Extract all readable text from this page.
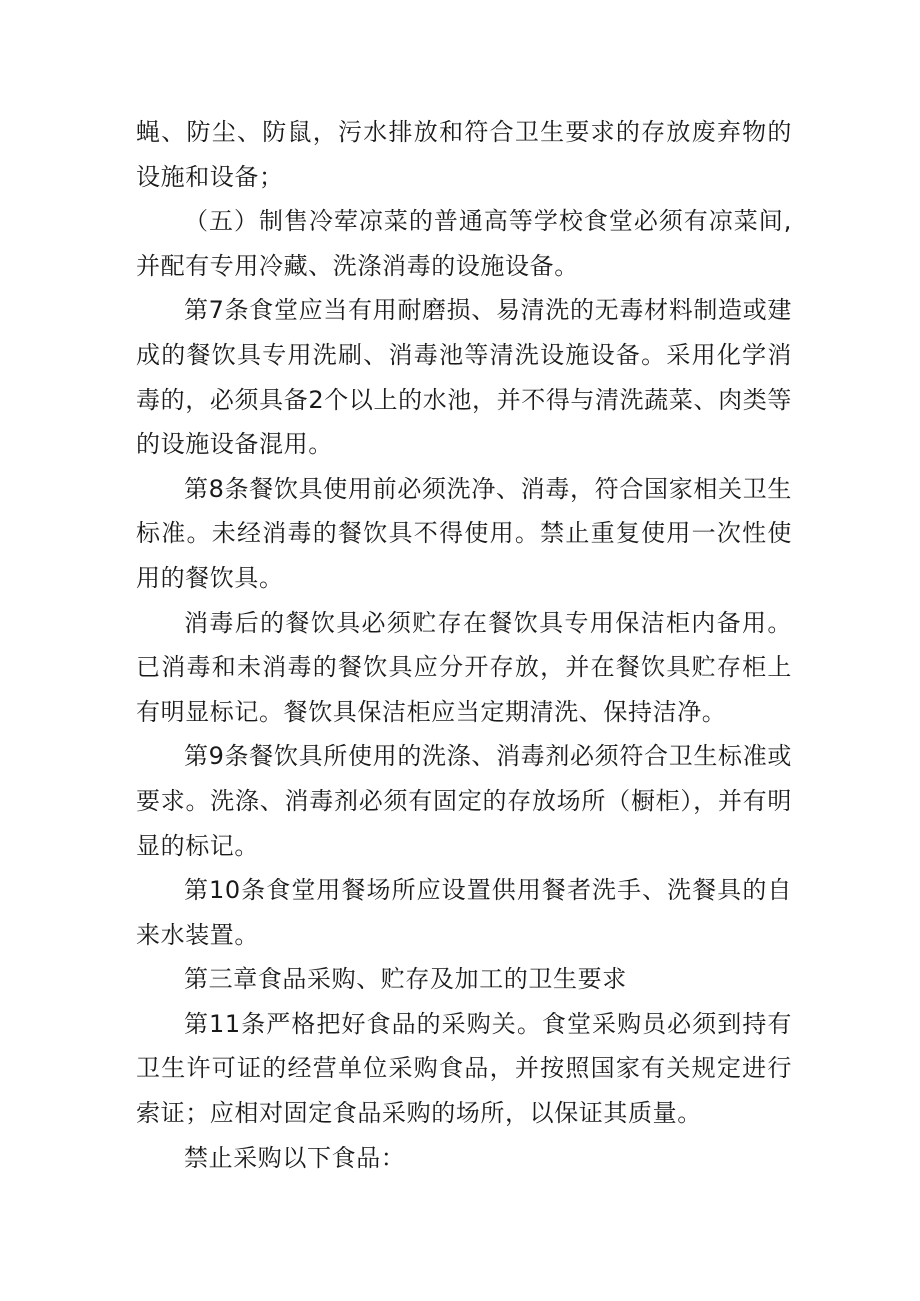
蝇、防尘、防鼠，污水排放和符合卫生要求的存放废弃物的设施和设备；

（五）制售冷荤凉菜的普通高等学校食堂必须有凉菜间,并配有专用冷藏、洗涤消毒的设施设备。

第7条食堂应当有用耐磨损、易清洗的无毒材料制造或建成的餐饮具专用洗刷、消毒池等清洗设施设备。采用化学消毒的，必须具备2个以上的水池，并不得与清洗蔬菜、肉类等的设施设备混用。

第8条餐饮具使用前必须洗净、消毒，符合国家相关卫生标准。未经消毒的餐饮具不得使用。禁止重复使用一次性使用的餐饮具。

消毒后的餐饮具必须贮存在餐饮具专用保洁柜内备用。已消毒和未消毒的餐饮具应分开存放，并在餐饮具贮存柜上有明显标记。餐饮具保洁柜应当定期清洗、保持洁净。

第9条餐饮具所使用的洗涤、消毒剂必须符合卫生标准或要求。洗涤、消毒剂必须有固定的存放场所（橱柜），并有明显的标记。

第10条食堂用餐场所应设置供用餐者洗手、洗餐具的自来水装置。

第三章食品采购、贮存及加工的卫生要求

第11条严格把好食品的采购关。食堂采购员必须到持有卫生许可证的经营单位采购食品，并按照国家有关规定进行索证；应相对固定食品采购的场所，以保证其质量。

禁止采购以下食品：
